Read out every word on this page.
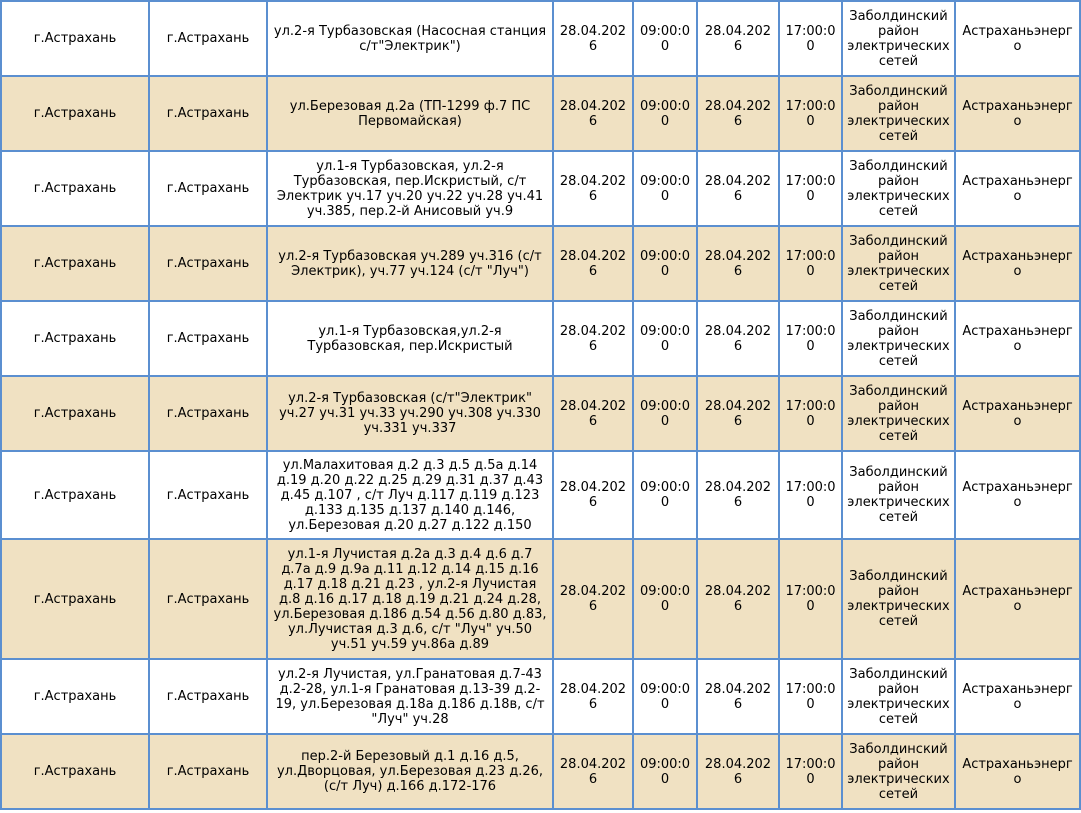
г.Астрахань	г.Астрахань	ул.2-я Турбазовская (Насосная станция с/т"Электрик")	28.04.2026	09:00:00	28.04.2026	17:00:00	Заболдинский район электрических сетей	Астраханьэнерго
г.Астрахань	г.Астрахань	ул.Березовая д.2а (ТП-1299 ф.7 ПС Первомайская)	28.04.2026	09:00:00	28.04.2026	17:00:00	Заболдинский район электрических сетей	Астраханьэнерго
г.Астрахань	г.Астрахань	ул.1-я Турбазовская, ул.2-я Турбазовская, пер.Искристый, с/т Электрик уч.17 уч.20 уч.22 уч.28 уч.41 уч.385, пер.2-й Анисовый уч.9	28.04.2026	09:00:00	28.04.2026	17:00:00	Заболдинский район электрических сетей	Астраханьэнерго
г.Астрахань	г.Астрахань	ул.2-я Турбазовская уч.289 уч.316 (с/т Электрик), уч.77 уч.124 (с/т "Луч")	28.04.2026	09:00:00	28.04.2026	17:00:00	Заболдинский район электрических сетей	Астраханьэнерго
г.Астрахань	г.Астрахань	ул.1-я Турбазовская,ул.2-я Турбазовская, пер.Искристый	28.04.2026	09:00:00	28.04.2026	17:00:00	Заболдинский район электрических сетей	Астраханьэнерго
г.Астрахань	г.Астрахань	ул.2-я Турбазовская (с/т"Электрик" уч.27 уч.31 уч.33 уч.290 уч.308 уч.330 уч.331 уч.337	28.04.2026	09:00:00	28.04.2026	17:00:00	Заболдинский район электрических сетей	Астраханьэнерго
г.Астрахань	г.Астрахань	ул.Малахитовая д.2 д.3 д.5 д.5а д.14 д.19 д.20 д.22 д.25 д.29 д.31 д.37 д.43 д.45 д.107 , с/т Луч д.117 д.119 д.123 д.133 д.135 д.137 д.140 д.146, ул.Березовая д.20 д.27 д.122 д.150	28.04.2026	09:00:00	28.04.2026	17:00:00	Заболдинский район электрических сетей	Астраханьэнерго
г.Астрахань	г.Астрахань	ул.1-я Лучистая д.2а д.3 д.4 д.6 д.7 д.7а д.9 д.9а д.11 д.12 д.14 д.15 д.16 д.17 д.18 д.21 д.23 , ул.2-я Лучистая д.8 д.16 д.17 д.18 д.19 д.21 д.24 д.28, ул.Березовая д.186 д.54 д.56 д.80 д.83, ул.Лучистая д.3 д.6, с/т "Луч" уч.50 уч.51 уч.59 уч.86а д.89	28.04.2026	09:00:00	28.04.2026	17:00:00	Заболдинский район электрических сетей	Астраханьэнерго
г.Астрахань	г.Астрахань	ул.2-я Лучистая, ул.Гранатовая д.7-43 д.2-28, ул.1-я Гранатовая д.13-39 д.2-19, ул.Березовая д.18а д.186 д.18в, с/т "Луч" уч.28	28.04.2026	09:00:00	28.04.2026	17:00:00	Заболдинский район электрических сетей	Астраханьэнерго
г.Астрахань	г.Астрахань	пер.2-й Березовый д.1 д.16 д.5, ул.Дворцовая, ул.Березовая д.23 д.26, (с/т Луч) д.166 д.172-176	28.04.2026	09:00:00	28.04.2026	17:00:00	Заболдинский район электрических сетей	Астраханьэнерго
